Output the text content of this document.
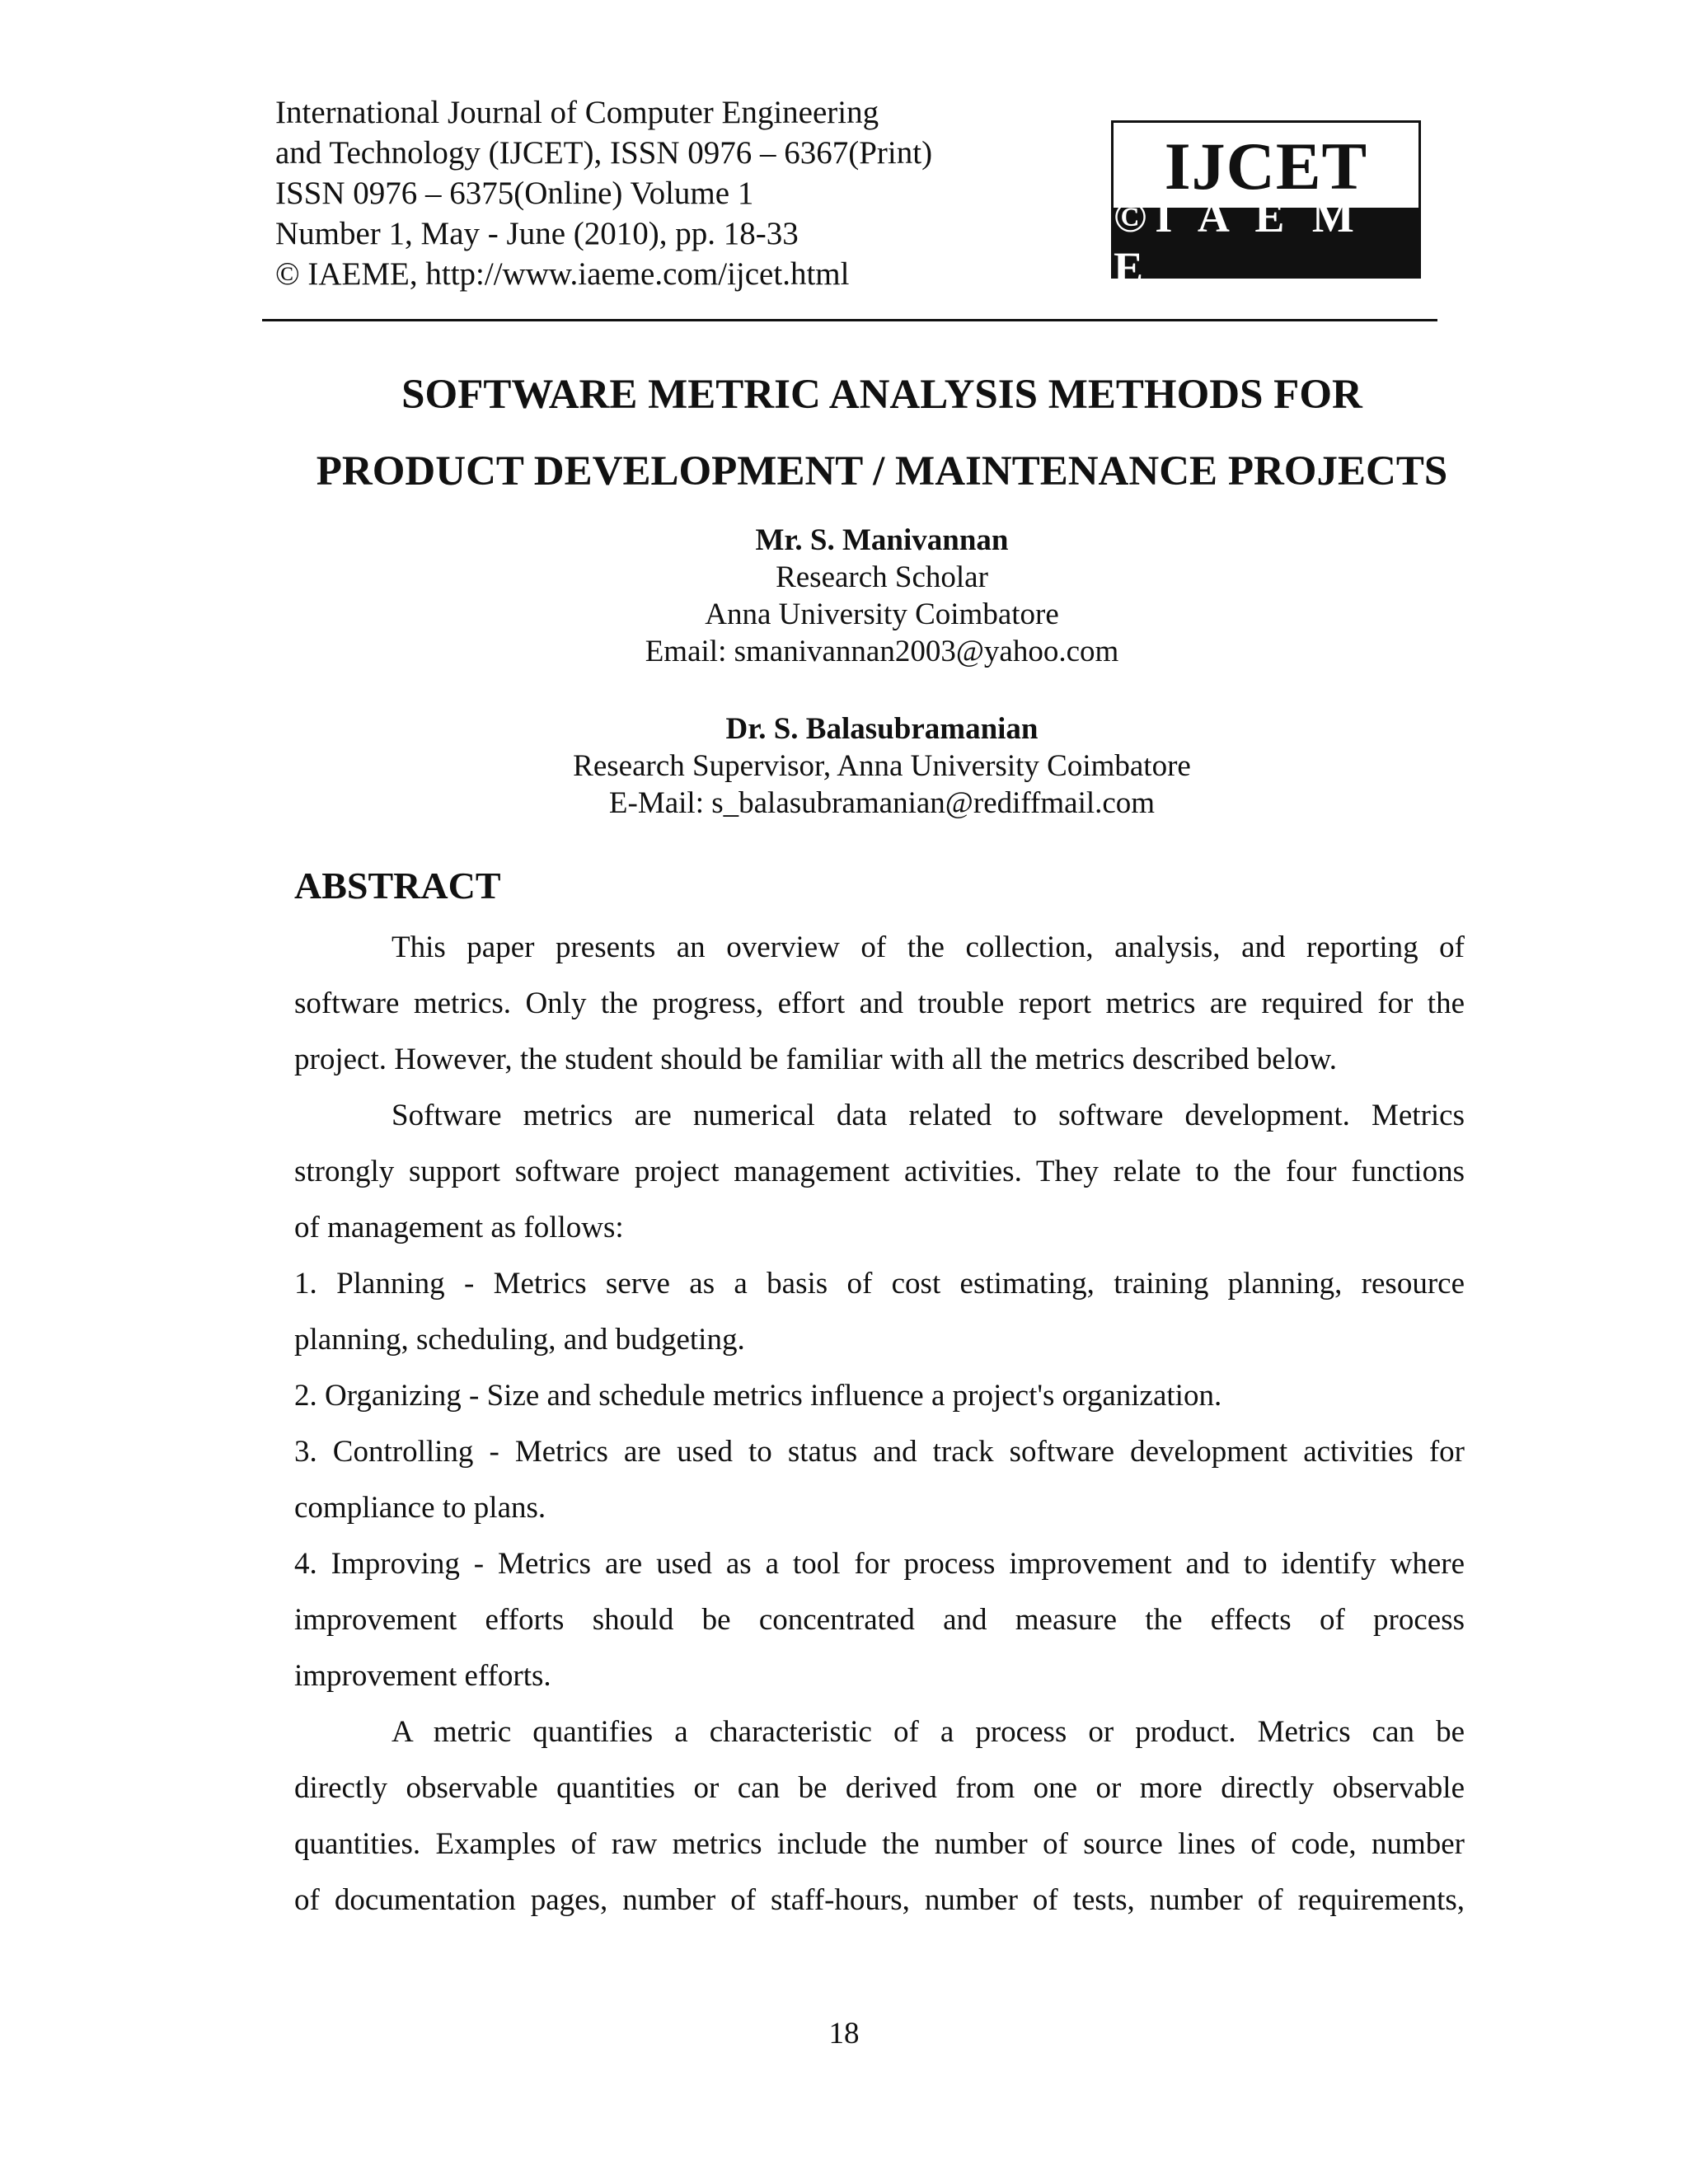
International Journal of Computer Engineering
and Technology (IJCET), ISSN 0976 – 6367(Print)
ISSN 0976 – 6375(Online) Volume 1
Number 1, May - June (2010), pp. 18-33
© IAEME, http://www.iaeme.com/ijcet.html
IJCET
©I A E M E
SOFTWARE METRIC ANALYSIS METHODS FOR
PRODUCT DEVELOPMENT / MAINTENANCE PROJECTS
Mr. S. Manivannan
Research Scholar
Anna University Coimbatore
Email: smanivannan2003@yahoo.com
Dr. S. Balasubramanian
Research Supervisor, Anna University Coimbatore
E-Mail: s_balasubramanian@rediffmail.com
ABSTRACT
This paper presents an overview of the collection, analysis, and reporting of
software metrics. Only the progress, effort and trouble report metrics are required for the
project. However, the student should be familiar with all the metrics described below.
Software metrics are numerical data related to software development. Metrics
strongly support software project management activities. They relate to the four functions
of management as follows:
1. Planning - Metrics serve as a basis of cost estimating, training planning, resource
planning, scheduling, and budgeting.
2. Organizing - Size and schedule metrics influence a project's organization.
3. Controlling - Metrics are used to status and track software development activities for
compliance to plans.
4. Improving - Metrics are used as a tool for process improvement and to identify where
improvement efforts should be concentrated and measure the effects of process
improvement efforts.
A metric quantifies a characteristic of a process or product. Metrics can be
directly observable quantities or can be derived from one or more directly observable
quantities. Examples of raw metrics include the number of source lines of code, number
of documentation pages, number of staff-hours, number of tests, number of requirements,
18
